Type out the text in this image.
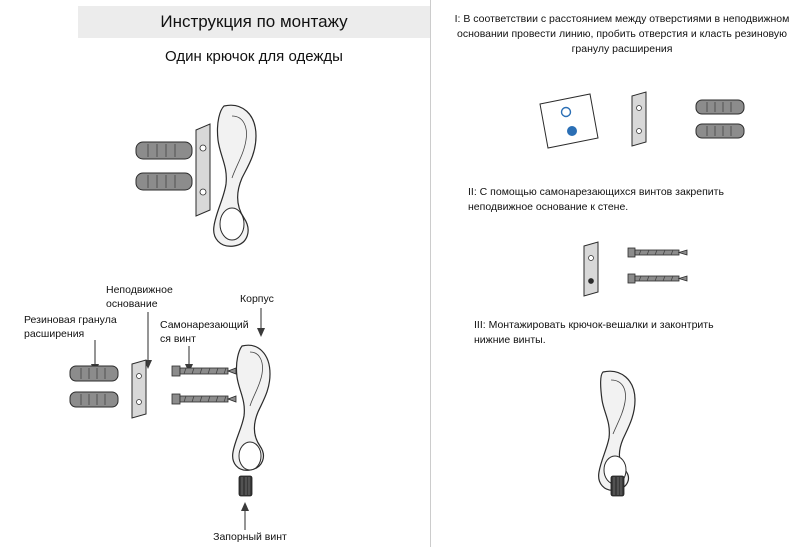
Инструкция по монтажу
Один крючок для одежды
Резиновая гранула
расширения
Неподвижное
основание
Самонарезающий
ся винт
Корпус
Запорный винт
I: В соответствии с расстоянием между отверстиями в неподвижном
основании провести линию, пробить отверстия и класть резиновую
гранулу расширения
II: С помощью самонарезающихся винтов закрепить
неподвижное основание к стене.
III: Монтажировать крючок-вешалки и законтрить
нижние винты.
